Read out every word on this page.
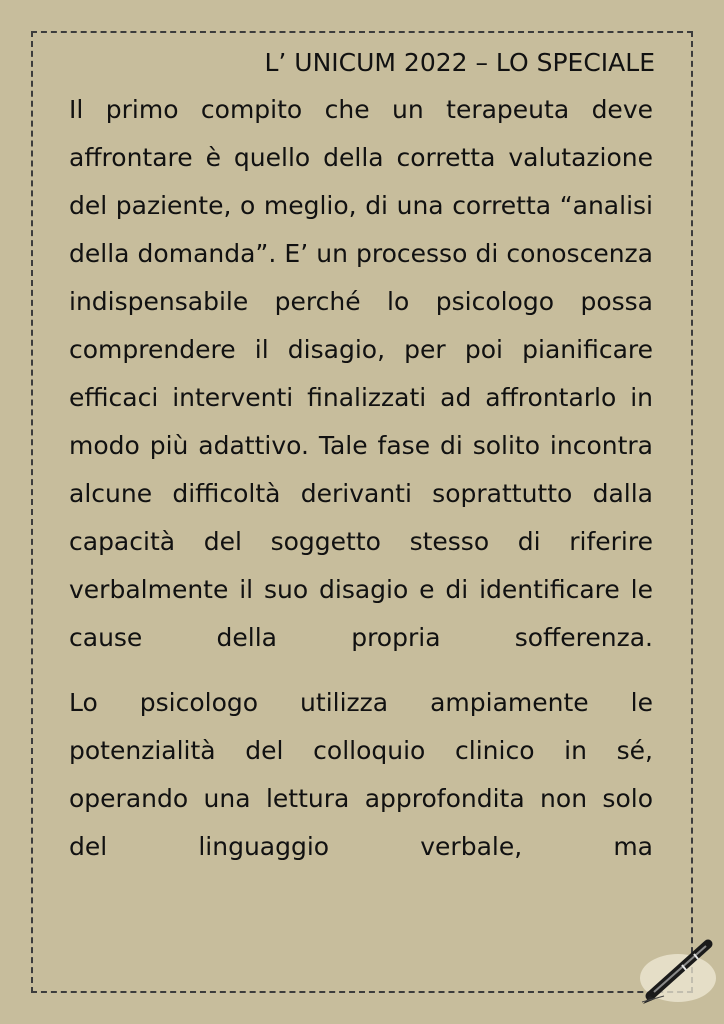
L’ UNICUM 2022 – LO SPECIALE

Il primo compito che un terapeuta deve affrontare è quello della corretta valutazione del paziente, o meglio, di una corretta “analisi della domanda”. E’ un processo di conoscenza indispensabile perché lo psicologo possa comprendere il disagio, per poi pianificare efficaci interventi finalizzati ad affrontarlo in modo più adattivo. Tale fase di solito incontra alcune difficoltà derivanti soprattutto dalla capacità del soggetto stesso di riferire verbalmente il suo disagio e di identificare le cause della propria sofferenza.

Lo psicologo utilizza ampiamente le potenzialità del colloquio clinico in sé, operando una lettura approfondita non solo del linguaggio verbale, ma
